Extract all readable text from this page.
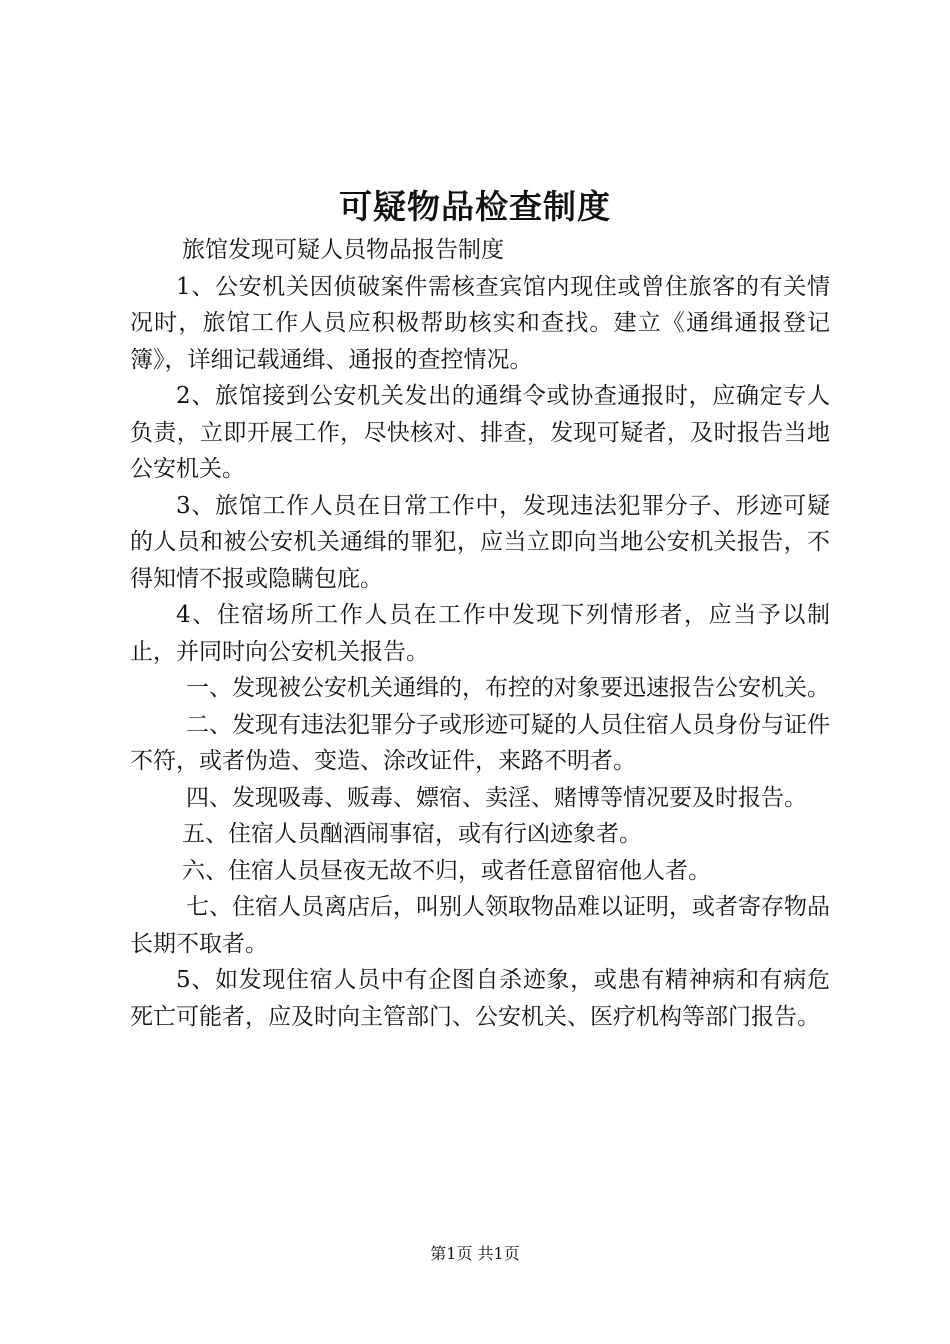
可疑物品检查制度

旅馆发现可疑人员物品报告制度

1、公安机关因侦破案件需核查宾馆内现住或曾住旅客的有关情况时，旅馆工作人员应积极帮助核实和查找。建立《通缉通报登记簿》，详细记载通缉、通报的查控情况。

2、旅馆接到公安机关发出的通缉令或协查通报时，应确定专人负责，立即开展工作，尽快核对、排查，发现可疑者，及时报告当地公安机关。

3、旅馆工作人员在日常工作中，发现违法犯罪分子、形迹可疑的人员和被公安机关通缉的罪犯，应当立即向当地公安机关报告，不得知情不报或隐瞒包庇。

4、住宿场所工作人员在工作中发现下列情形者，应当予以制止，并同时向公安机关报告。

一、发现被公安机关通缉的，布控的对象要迅速报告公安机关。

二、发现有违法犯罪分子或形迹可疑的人员住宿人员身份与证件不符，或者伪造、变造、涂改证件，来路不明者。

四、发现吸毒、贩毒、嫖宿、卖淫、赌博等情况要及时报告。

五、住宿人员酗酒闹事宿，或有行凶迹象者。

六、住宿人员昼夜无故不归，或者任意留宿他人者。

七、住宿人员离店后，叫别人领取物品难以证明，或者寄存物品长期不取者。

5、如发现住宿人员中有企图自杀迹象，或患有精神病和有病危死亡可能者，应及时向主管部门、公安机关、医疗机构等部门报告。

第1页 共1页
